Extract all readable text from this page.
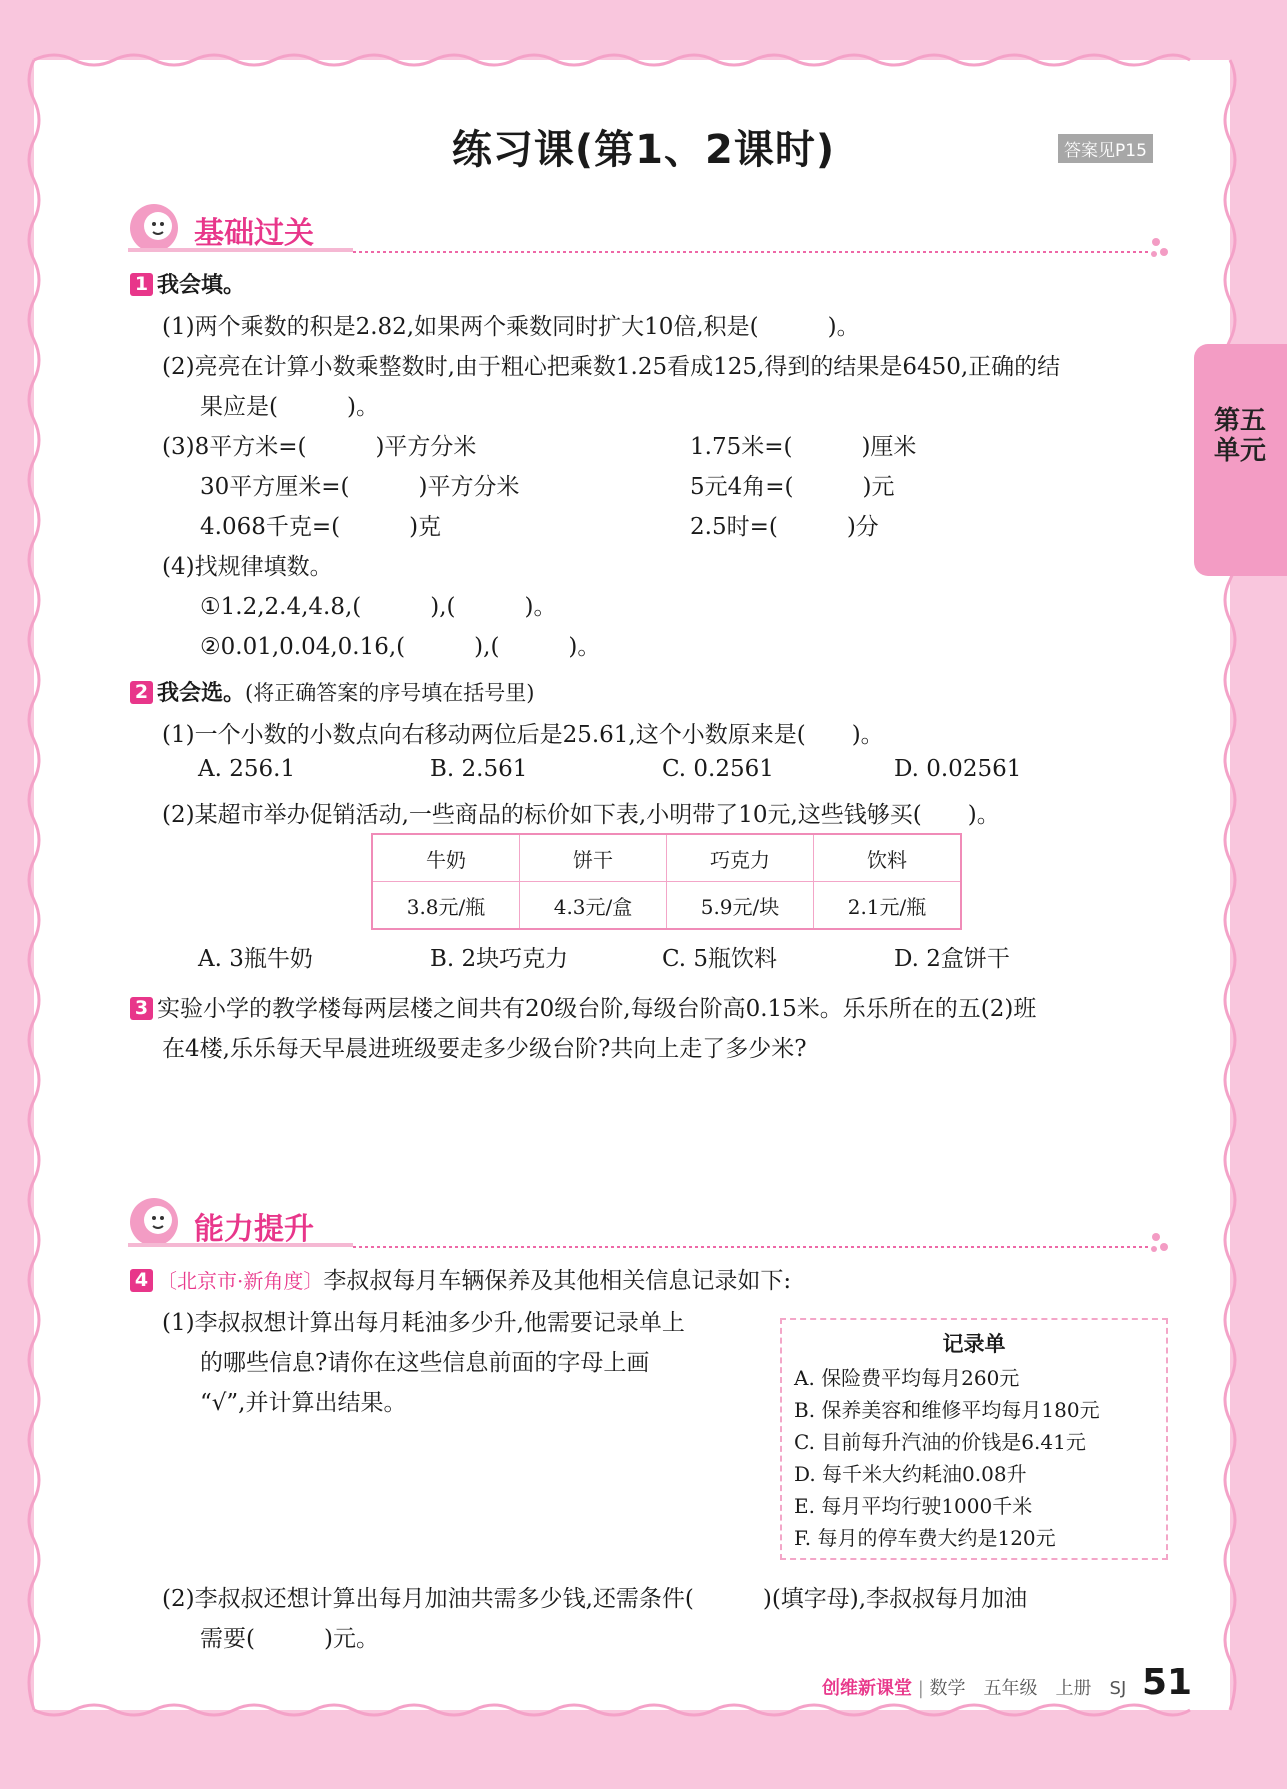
练习课(第1、2课时)	答案见P15
第五单元
基础过关
1 我会填。
(1)两个乘数的积是2.82,如果两个乘数同时扩大10倍,积是(　　　)。
(2)亮亮在计算小数乘整数时,由于粗心把乘数1.25看成125,得到的结果是6450,正确的结
果应是(　　　)。
(3)8平方米=(　　　)平方分米	1.75米=(　　　)厘米
30平方厘米=(　　　)平方分米	5元4角=(　　　)元
4.068千克=(　　　)克	2.5时=(　　　)分
(4)找规律填数。
①1.2,2.4,4.8,(　　　),(　　　)。
②0.01,0.04,0.16,(　　　),(　　　)。
2 我会选。(将正确答案的序号填在括号里)
(1)一个小数的小数点向右移动两位后是25.61,这个小数原来是(　　)。
A. 256.1	B. 2.561	C. 0.2561	D. 0.02561
(2)某超市举办促销活动,一些商品的标价如下表,小明带了10元,这些钱够买(　　)。
牛奶	饼干	巧克力	饮料
3.8元/瓶	4.3元/盒	5.9元/块	2.1元/瓶
A. 3瓶牛奶	B. 2块巧克力	C. 5瓶饮料	D. 2盒饼干
3 实验小学的教学楼每两层楼之间共有20级台阶,每级台阶高0.15米。乐乐所在的五(2)班
在4楼,乐乐每天早晨进班级要走多少级台阶?共向上走了多少米?
能力提升
4 〔北京市·新角度〕李叔叔每月车辆保养及其他相关信息记录如下:
(1)李叔叔想计算出每月耗油多少升,他需要记录单上
的哪些信息?请你在这些信息前面的字母上画
“√”,并计算出结果。
记录单
A. 保险费平均每月260元
B. 保养美容和维修平均每月180元
C. 目前每升汽油的价钱是6.41元
D. 每千米大约耗油0.08升
E. 每月平均行驶1000千米
F. 每月的停车费大约是120元
(2)李叔叔还想计算出每月加油共需多少钱,还需条件(　　　)(填字母),李叔叔每月加油
需要(　　　)元。
创维新课堂 | 数学　五年级　上册　SJ 51
